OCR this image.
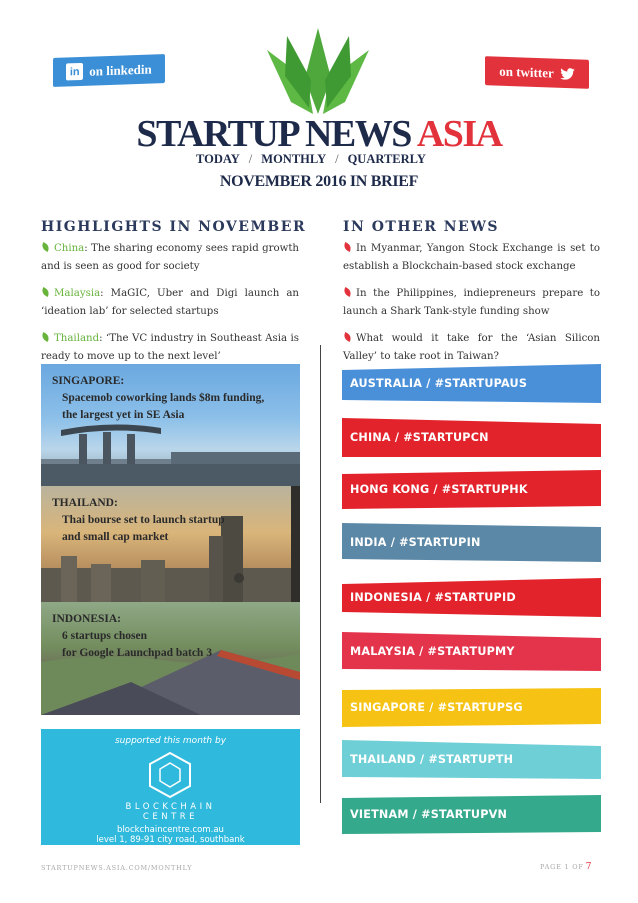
in on linkedin	on twitter
STARTUP NEWS ASIA
TODAY / MONTHLY / QUARTERLY
NOVEMBER 2016 IN BRIEF
HIGHLIGHTS IN NOVEMBER	IN OTHER NEWS
China: The sharing economy sees rapid growth and is seen as good for society
Malaysia: MaGIC, Uber and Digi launch an ‘ideation lab’ for selected startups
Thailand: ‘The VC industry in Southeast Asia is ready to move up to the next level’
In Myanmar, Yangon Stock Exchange is set to establish a Blockchain-based stock exchange
In the Philippines, indiepreneurs prepare to launch a Shark Tank-style funding show
What would it take for the ‘Asian Silicon Valley’ to take root in Taiwan?
SINGAPORE:
Spacemob coworking lands $8m funding,
the largest yet in SE Asia
THAILAND:
Thai bourse set to launch startup
and small cap market
INDONESIA:
6 startups chosen
for Google Launchpad batch 3
supported this month by
BLOCKCHAIN
CENTRE
blockchaincentre.com.au
level 1, 89-91 city road, southbank
AUSTRALIA / #STARTUPAUS
CHINA / #STARTUPCN
HONG KONG / #STARTUPHK
INDIA / #STARTUPIN
INDONESIA / #STARTUPID
MALAYSIA / #STARTUPMY
SINGAPORE / #STARTUPSG
THAILAND / #STARTUPTH
VIETNAM / #STARTUPVN
STARTUPNEWS.ASIA.COM/MONTHLY	PAGE 1 OF 7
